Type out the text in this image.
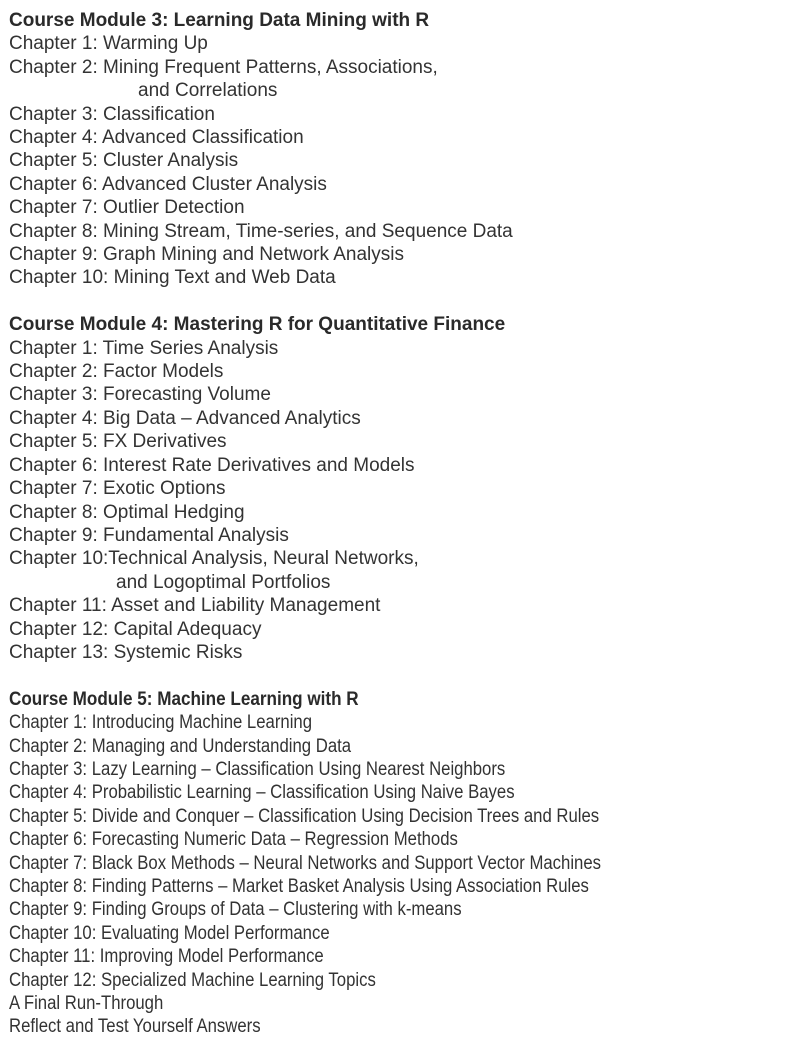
Course Module 3: Learning Data Mining with R
Chapter 1: Warming Up
Chapter 2: Mining Frequent Patterns, Associations,
and Correlations
Chapter 3: Classification
Chapter 4: Advanced Classification
Chapter 5: Cluster Analysis
Chapter 6: Advanced Cluster Analysis
Chapter 7: Outlier Detection
Chapter 8: Mining Stream, Time-series, and Sequence Data
Chapter 9: Graph Mining and Network Analysis
Chapter 10: Mining Text and Web Data
Course Module 4: Mastering R for Quantitative Finance
Chapter 1: Time Series Analysis
Chapter 2: Factor Models
Chapter 3: Forecasting Volume
Chapter 4: Big Data – Advanced Analytics
Chapter 5: FX Derivatives
Chapter 6: Interest Rate Derivatives and Models
Chapter 7: Exotic Options
Chapter 8: Optimal Hedging
Chapter 9: Fundamental Analysis
Chapter 10:Technical Analysis, Neural Networks,
and Logoptimal Portfolios
Chapter 11: Asset and Liability Management
Chapter 12: Capital Adequacy
Chapter 13: Systemic Risks
Course Module 5: Machine Learning with R
Chapter 1: Introducing Machine Learning
Chapter 2: Managing and Understanding Data
Chapter 3: Lazy Learning – Classification Using Nearest Neighbors
Chapter 4: Probabilistic Learning – Classification Using Naive Bayes
Chapter 5: Divide and Conquer – Classification Using Decision Trees and Rules
Chapter 6: Forecasting Numeric Data – Regression Methods
Chapter 7: Black Box Methods – Neural Networks and Support Vector Machines
Chapter 8: Finding Patterns – Market Basket Analysis Using Association Rules
Chapter 9: Finding Groups of Data – Clustering with k-means
Chapter 10: Evaluating Model Performance
Chapter 11: Improving Model Performance
Chapter 12: Specialized Machine Learning Topics
A Final Run-Through
Reflect and Test Yourself Answers
